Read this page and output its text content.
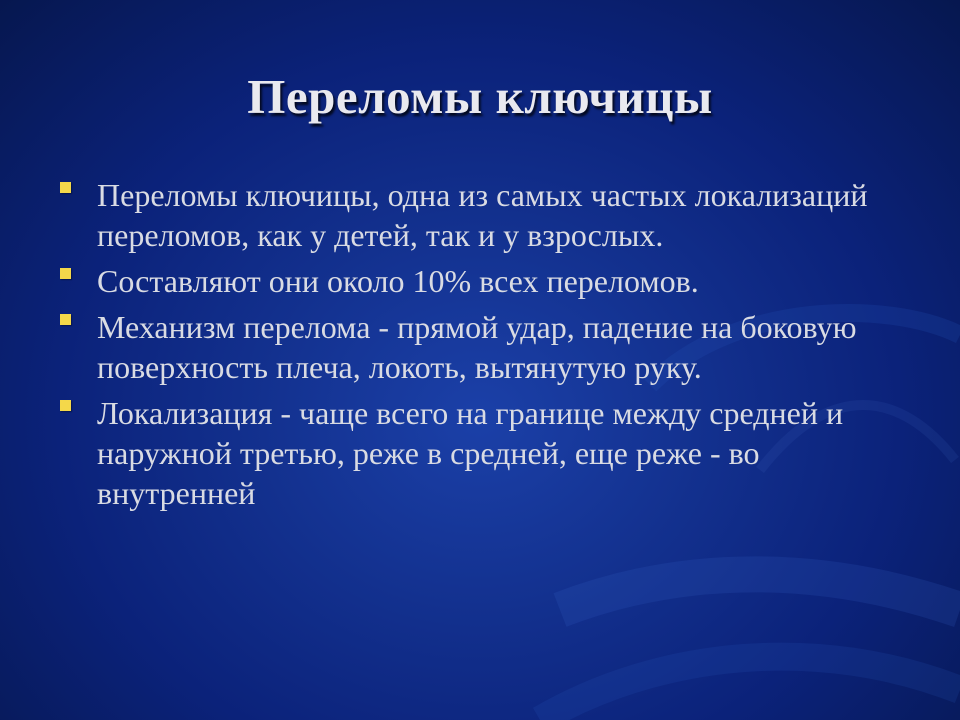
Переломы ключицы
Переломы ключицы, одна из самых частых локализаций переломов, как у детей, так и у взрослых.
Составляют они около 10% всех переломов.
Механизм перелома - прямой удар, падение на боковую поверхность плеча, локоть, вытянутую руку.
Локализация - чаще всего на границе между средней и наружной третью, реже в средней, еще реже - во внутренней
